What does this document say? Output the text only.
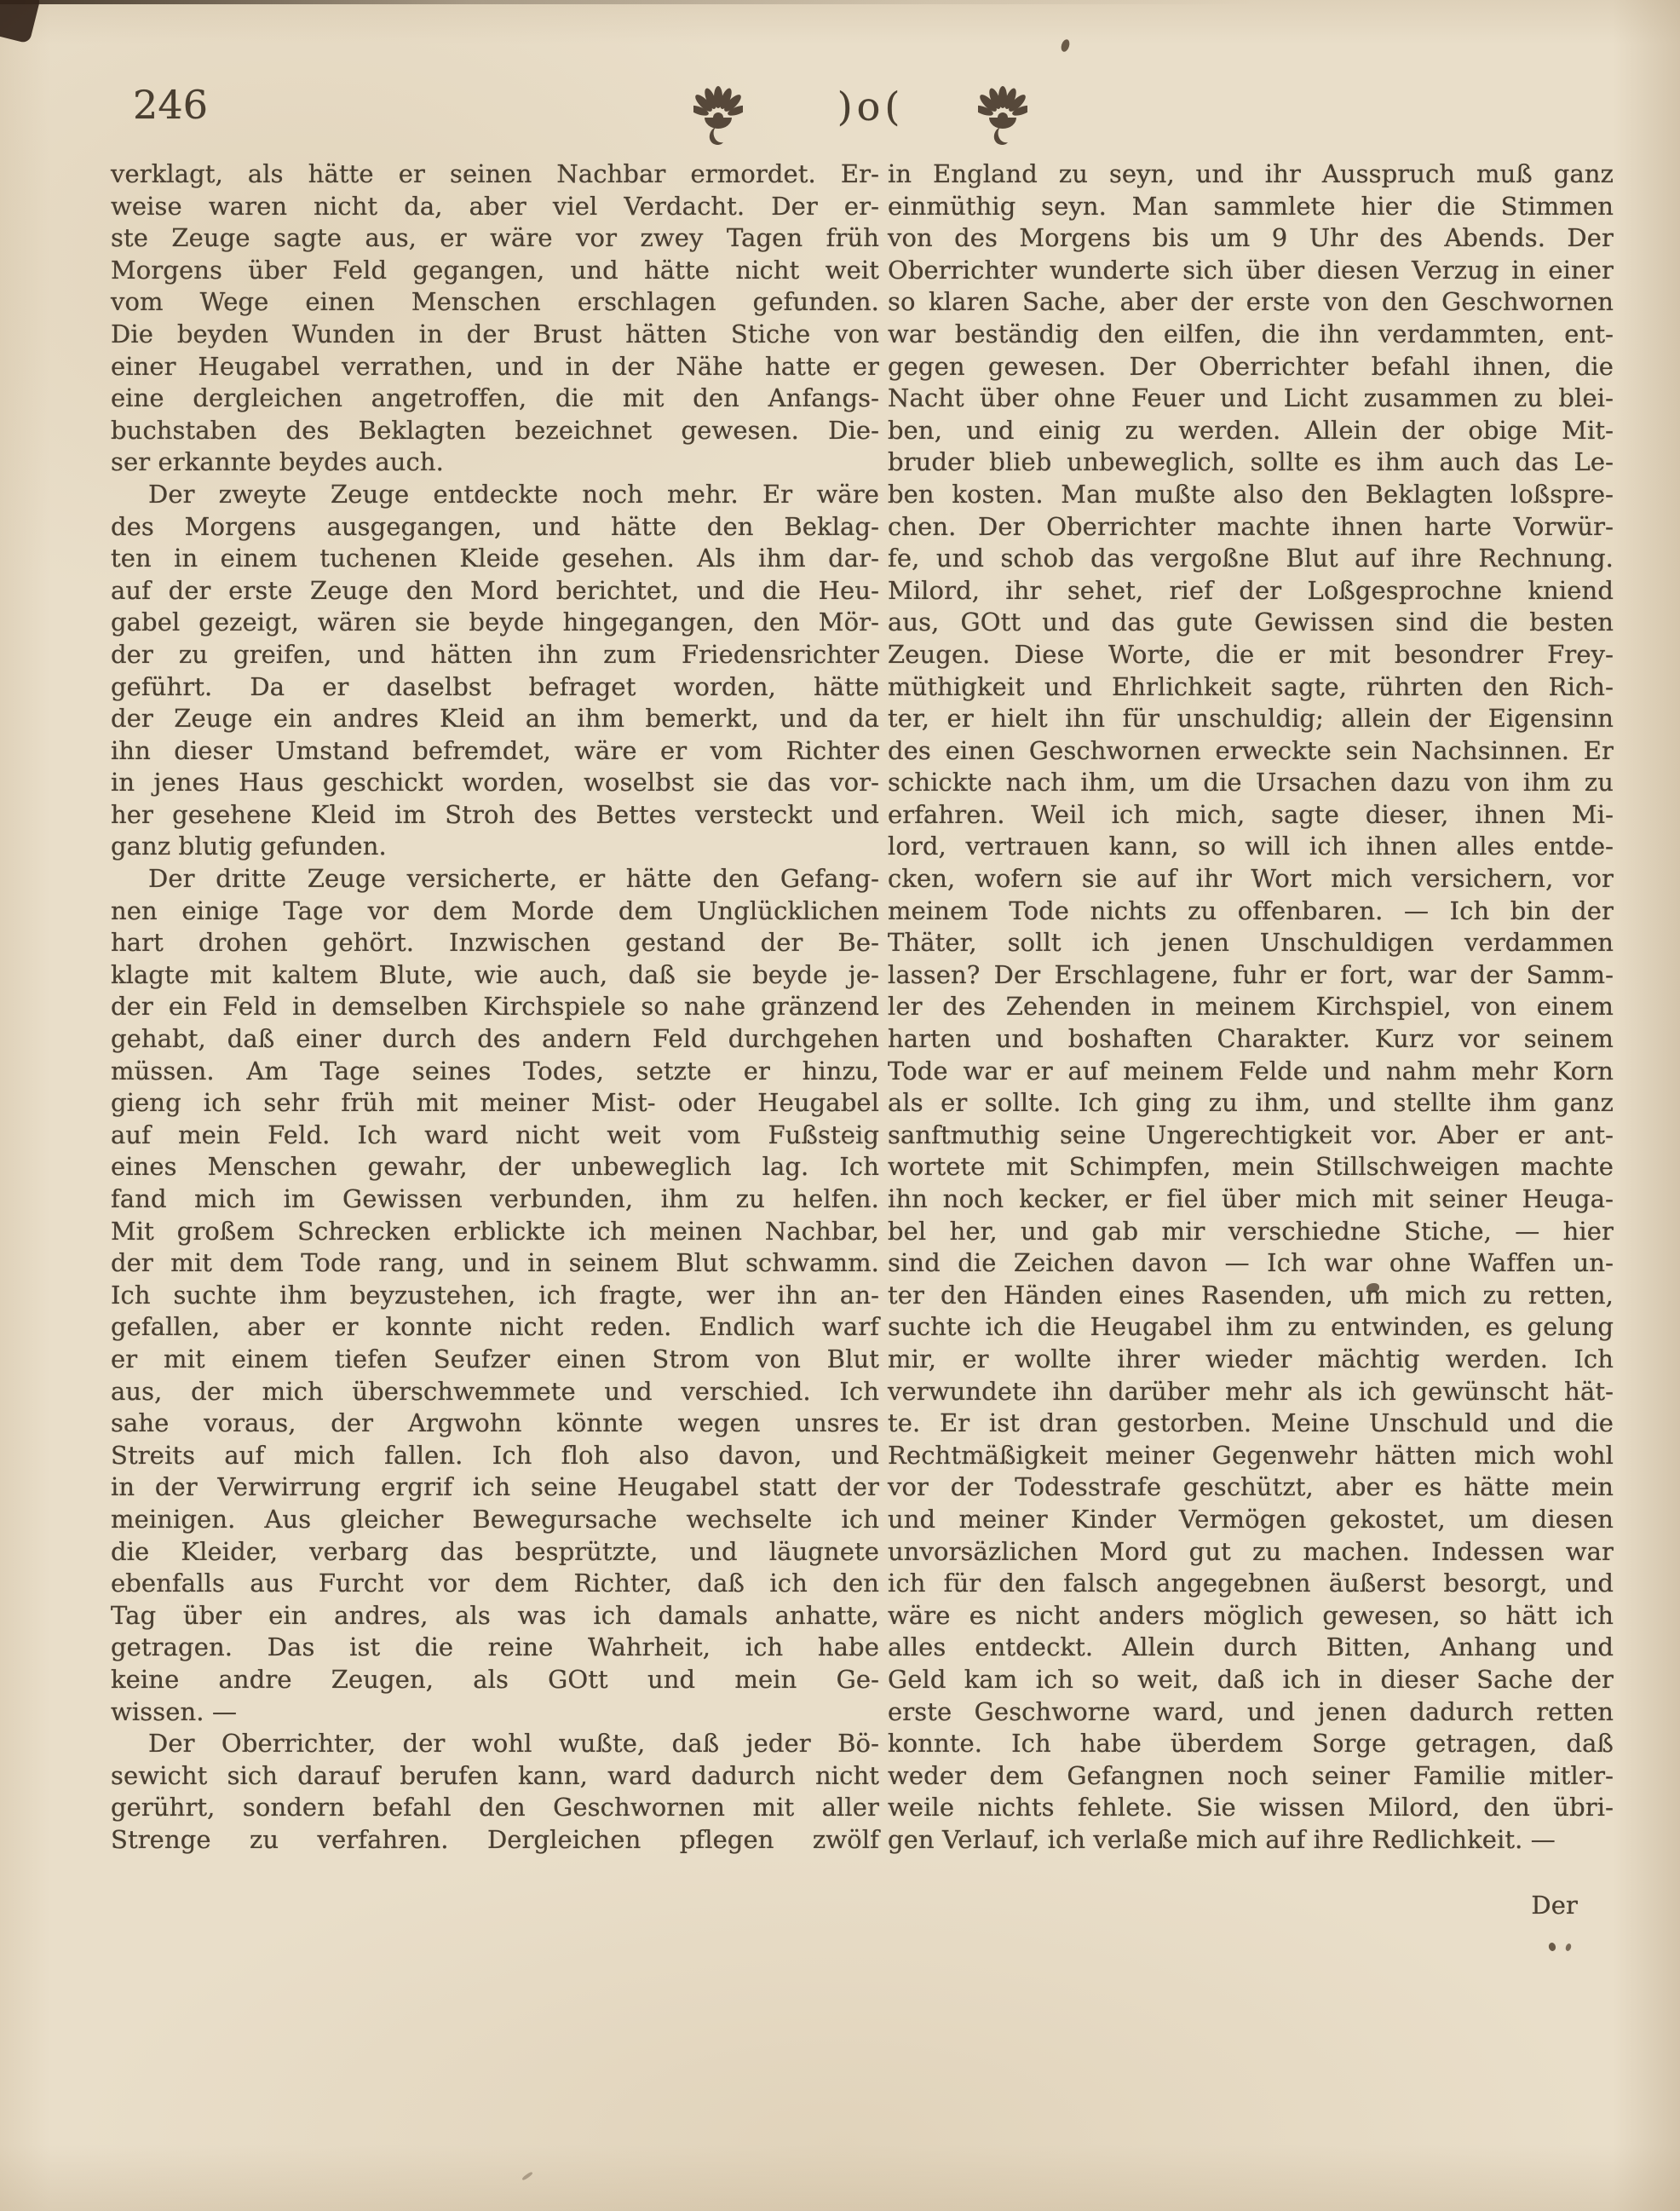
246	)o(
verklagt, als hätte er seinen Nachbar ermordet. Er-
weise waren nicht da, aber viel Verdacht. Der er-
ste Zeuge sagte aus, er wäre vor zwey Tagen früh
Morgens über Feld gegangen, und hätte nicht weit
vom Wege einen Menschen erschlagen gefunden.
Die beyden Wunden in der Brust hätten Stiche von
einer Heugabel verrathen, und in der Nähe hatte er
eine dergleichen angetroffen, die mit den Anfangs-
buchstaben des Beklagten bezeichnet gewesen. Die-
ser erkannte beydes auch.
Der zweyte Zeuge entdeckte noch mehr. Er wäre
des Morgens ausgegangen, und hätte den Beklag-
ten in einem tuchenen Kleide gesehen. Als ihm dar-
auf der erste Zeuge den Mord berichtet, und die Heu-
gabel gezeigt, wären sie beyde hingegangen, den Mör-
der zu greifen, und hätten ihn zum Friedensrichter
geführt. Da er daselbst befraget worden, hätte
der Zeuge ein andres Kleid an ihm bemerkt, und da
ihn dieser Umstand befremdet, wäre er vom Richter
in jenes Haus geschickt worden, woselbst sie das vor-
her gesehene Kleid im Stroh des Bettes versteckt und
ganz blutig gefunden.
Der dritte Zeuge versicherte, er hätte den Gefang-
nen einige Tage vor dem Morde dem Unglücklichen
hart drohen gehört. Inzwischen gestand der Be-
klagte mit kaltem Blute, wie auch, daß sie beyde je-
der ein Feld in demselben Kirchspiele so nahe gränzend
gehabt, daß einer durch des andern Feld durchgehen
müssen. Am Tage seines Todes, setzte er hinzu,
gieng ich sehr früh mit meiner Mist- oder Heugabel
auf mein Feld. Ich ward nicht weit vom Fußsteig
eines Menschen gewahr, der unbeweglich lag. Ich
fand mich im Gewissen verbunden, ihm zu helfen.
Mit großem Schrecken erblickte ich meinen Nachbar,
der mit dem Tode rang, und in seinem Blut schwamm.
Ich suchte ihm beyzustehen, ich fragte, wer ihn an-
gefallen, aber er konnte nicht reden. Endlich warf
er mit einem tiefen Seufzer einen Strom von Blut
aus, der mich überschwemmete und verschied. Ich
sahe voraus, der Argwohn könnte wegen unsres
Streits auf mich fallen. Ich floh also davon, und
in der Verwirrung ergrif ich seine Heugabel statt der
meinigen. Aus gleicher Bewegursache wechselte ich
die Kleider, verbarg das besprützte, und läugnete
ebenfalls aus Furcht vor dem Richter, daß ich den
Tag über ein andres, als was ich damals anhatte,
getragen. Das ist die reine Wahrheit, ich habe
keine andre Zeugen, als GOtt und mein Ge-
wissen. —
Der Oberrichter, der wohl wußte, daß jeder Bö-
sewicht sich darauf berufen kann, ward dadurch nicht
gerührt, sondern befahl den Geschwornen mit aller
Strenge zu verfahren. Dergleichen pflegen zwölf
in England zu seyn, und ihr Ausspruch muß ganz
einmüthig seyn. Man sammlete hier die Stimmen
von des Morgens bis um 9 Uhr des Abends. Der
Oberrichter wunderte sich über diesen Verzug in einer
so klaren Sache, aber der erste von den Geschwornen
war beständig den eilfen, die ihn verdammten, ent-
gegen gewesen. Der Oberrichter befahl ihnen, die
Nacht über ohne Feuer und Licht zusammen zu blei-
ben, und einig zu werden. Allein der obige Mit-
bruder blieb unbeweglich, sollte es ihm auch das Le-
ben kosten. Man mußte also den Beklagten loßspre-
chen. Der Oberrichter machte ihnen harte Vorwür-
fe, und schob das vergoßne Blut auf ihre Rechnung.
Milord, ihr sehet, rief der Loßgesprochne kniend
aus, GOtt und das gute Gewissen sind die besten
Zeugen. Diese Worte, die er mit besondrer Frey-
müthigkeit und Ehrlichkeit sagte, rührten den Rich-
ter, er hielt ihn für unschuldig; allein der Eigensinn
des einen Geschwornen erweckte sein Nachsinnen. Er
schickte nach ihm, um die Ursachen dazu von ihm zu
erfahren. Weil ich mich, sagte dieser, ihnen Mi-
lord, vertrauen kann, so will ich ihnen alles entde-
cken, wofern sie auf ihr Wort mich versichern, vor
meinem Tode nichts zu offenbaren. — Ich bin der
Thäter, sollt ich jenen Unschuldigen verdammen
lassen? Der Erschlagene, fuhr er fort, war der Samm-
ler des Zehenden in meinem Kirchspiel, von einem
harten und boshaften Charakter. Kurz vor seinem
Tode war er auf meinem Felde und nahm mehr Korn
als er sollte. Ich ging zu ihm, und stellte ihm ganz
sanftmuthig seine Ungerechtigkeit vor. Aber er ant-
wortete mit Schimpfen, mein Stillschweigen machte
ihn noch kecker, er fiel über mich mit seiner Heuga-
bel her, und gab mir verschiedne Stiche, — hier
sind die Zeichen davon — Ich war ohne Waffen un-
ter den Händen eines Rasenden, um mich zu retten,
suchte ich die Heugabel ihm zu entwinden, es gelung
mir, er wollte ihrer wieder mächtig werden. Ich
verwundete ihn darüber mehr als ich gewünscht hät-
te. Er ist dran gestorben. Meine Unschuld und die
Rechtmäßigkeit meiner Gegenwehr hätten mich wohl
vor der Todesstrafe geschützt, aber es hätte mein
und meiner Kinder Vermögen gekostet, um diesen
unvorsäzlichen Mord gut zu machen. Indessen war
ich für den falsch angegebnen äußerst besorgt, und
wäre es nicht anders möglich gewesen, so hätt ich
alles entdeckt. Allein durch Bitten, Anhang und
Geld kam ich so weit, daß ich in dieser Sache der
erste Geschworne ward, und jenen dadurch retten
konnte. Ich habe überdem Sorge getragen, daß
weder dem Gefangnen noch seiner Familie mitler-
weile nichts fehlete. Sie wissen Milord, den übri-
gen Verlauf, ich verlaße mich auf ihre Redlichkeit. —
Der
